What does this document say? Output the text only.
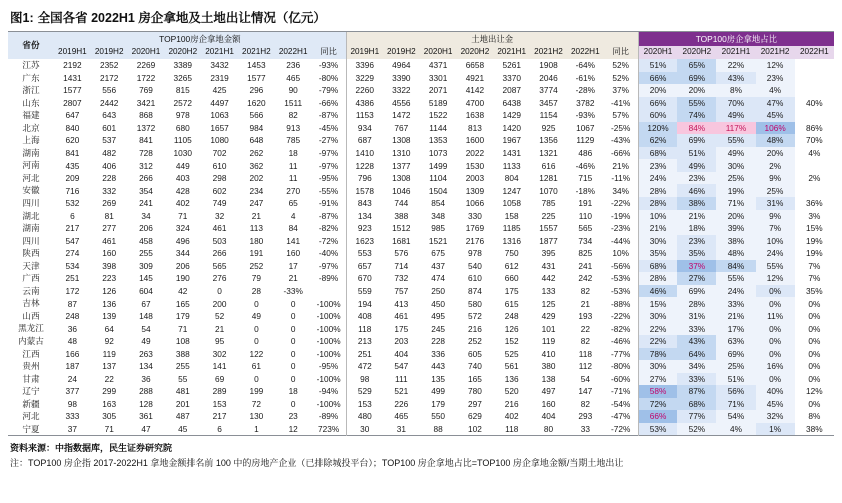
图1: 全国各省 2022H1 房企拿地及土地出让情况（亿元）
省份	TOP100房企拿地金额								土地出让金								TOP100房企拿地占比				
	2019H1	2019H2	2020H1	2020H2	2021H1	2021H2	2022H1	同比	2019H1	2019H2	2020H1	2020H2	2021H1	2021H2	2022H1	同比	2020H1	2020H2	2021H1	2021H2	2022H1
江苏	2192	2352	2269	3389	3432	1453	236	-93%	3396	4964	4371	6658	5261	1908	-64%	52%	51%	65%	22%	12%	
广东	1431	2172	1722	3265	2319	1577	465	-80%	3229	3390	3301	4921	3370	2046	-61%	52%	66%	69%	43%	23%	
浙江	1577	556	769	815	425	296	90	-79%	2260	3322	2071	4142	2087	3774	-28%	37%	20%	20%	8%	4%	
山东	2807	2442	3421	2572	4497	1620	1511	-66%	4386	4556	5189	4700	6438	3457	3782	-41%	66%	55%	70%	47%	40%
福建	647	643	868	978	1063	566	82	-87%	1153	1472	1522	1638	1429	1154	-93%	57%	60%	74%	49%	45%	
北京	840	601	1372	680	1657	984	913	-45%	934	767	1144	813	1420	925	1067	-25%	120%	84%	117%	106%	86%
上海	620	537	841	1105	1080	648	785	-27%	687	1308	1353	1600	1967	1356	1129	-43%	62%	69%	55%	48%	70%
湖南	841	482	728	1030	702	262	18	-97%	1410	1310	1073	2022	1431	1321	486	-66%	68%	51%	49%	20%	4%
河南	435	406	312	449	610	362	11	-97%	1228	1377	1499	1530	1133	616	-46%	21%	23%	49%	30%	2%	
河北	209	228	266	403	298	202	11	-95%	796	1308	1104	2003	804	1281	715	-11%	24%	23%	25%	9%	2%
安徽	716	332	354	428	602	234	270	-55%	1578	1046	1504	1309	1247	1070	-18%	34%	28%	46%	19%	25%	
四川	532	269	241	402	749	247	65	-91%	843	744	854	1066	1058	785	191	-22%	28%	38%	71%	31%	36%
湖北	6	81	34	71	32	21	4	-87%	134	388	348	330	158	225	110	-19%	10%	21%	20%	9%	3%
湖南	217	277	206	324	461	113	84	-82%	923	1512	985	1769	1185	1557	565	-23%	21%	18%	39%	7%	15%
四川	547	461	458	496	503	180	141	-72%	1623	1681	1521	2176	1316	1877	734	-44%	30%	23%	38%	10%	19%
陕西	274	160	255	344	266	191	160	-40%	553	576	675	978	750	395	825	10%	35%	35%	48%	24%	19%
天津	534	398	309	206	565	252	17	-97%	657	714	437	540	612	431	241	-56%	68%	37%	84%	55%	7%
广西	251	223	145	190	276	79	21	-89%	670	732	474	610	660	442	242	-53%	28%	27%	55%	12%	7%
云南	172	126	604	42	0	28	-33%		559	757	250	874	175	133	82	-53%	46%	69%	24%	0%	35%
吉林	87	136	67	165	200	0	0	-100%	194	413	450	580	615	125	21	-88%	15%	28%	33%	0%	0%
山西	248	139	148	179	52	49	0	-100%	408	461	495	572	248	429	193	-22%	30%	31%	21%	11%	0%
黑龙江	36	64	54	71	21	0	0	-100%	118	175	245	216	126	101	22	-82%	22%	33%	17%	0%	0%
内蒙古	48	92	49	108	95	0	0	-100%	213	203	228	252	152	119	82	-46%	22%	43%	63%	0%	0%
江西	166	119	263	388	302	122	0	-100%	251	404	336	605	525	410	118	-77%	78%	64%	69%	0%	0%
贵州	187	137	134	255	141	61	0	-95%	472	547	443	740	561	380	112	-80%	30%	34%	25%	16%	0%
甘肃	24	22	36	55	69	0	0	-100%	98	111	135	165	136	138	54	-60%	27%	33%	51%	0%	0%
辽宁	377	299	288	481	289	199	18	-94%	529	521	499	780	520	497	147	-71%	58%	87%	56%	40%	12%
新疆	98	163	128	201	153	72	0	-100%	153	226	179	297	216	160	82	-54%	72%	68%	71%	45%	0%
河北	333	305	361	487	217	130	23	-89%	480	465	550	629	402	404	293	-47%	66%	77%	54%	32%	8%
宁夏	37	71	47	45	6	1	12	723%	30	31	88	102	118	80	33	-72%	53%	52%	4%	1%	38%
资料来源：中指数据库，民生证券研究院
注：TOP100 房企指 2017-2022H1 拿地金额排名前 100 中的房地产企业（已排除城投平台）；TOP100 房企拿地占比=TOP100 房企拿地金额/当期土地出让
